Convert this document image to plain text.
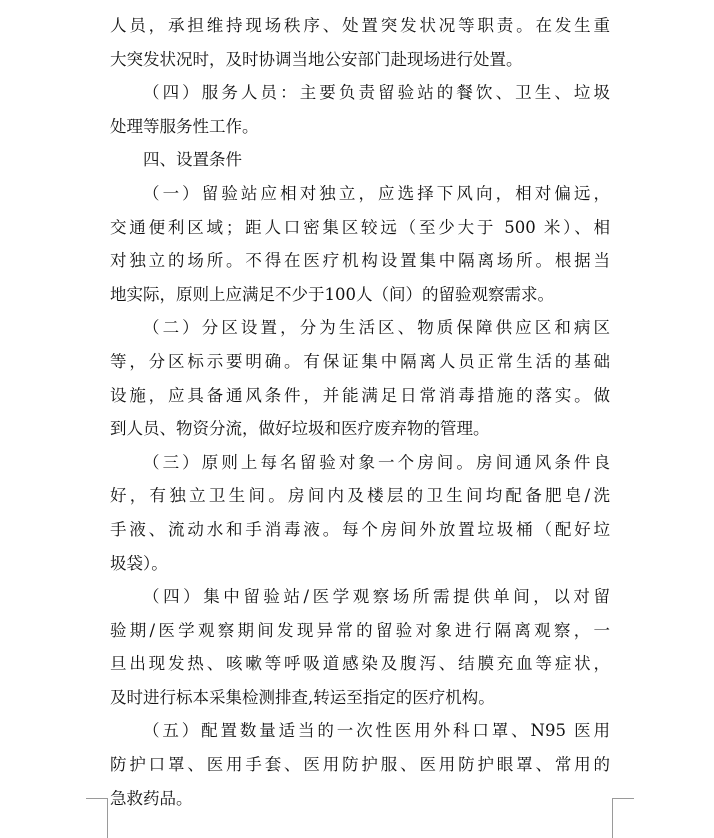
人员，承担维持现场秩序、处置突发状况等职责。在发生重
大突发状况时，及时协调当地公安部门赴现场进行处置。
（四）服务人员：主要负责留验站的餐饮、卫生、垃圾
处理等服务性工作。
四、设置条件
（一）留验站应相对独立，应选择下风向，相对偏远，
交通便利区域；距人口密集区较远（至少大于 500 米）、相
对独立的场所。不得在医疗机构设置集中隔离场所。根据当
地实际，原则上应满足不少于100人（间）的留验观察需求。
（二）分区设置，分为生活区、物质保障供应区和病区
等，分区标示要明确。有保证集中隔离人员正常生活的基础
设施，应具备通风条件，并能满足日常消毒措施的落实。做
到人员、物资分流，做好垃圾和医疗废弃物的管理。
（三）原则上每名留验对象一个房间。房间通风条件良
好，有独立卫生间。房间内及楼层的卫生间均配备肥皂/洗
手液、流动水和手消毒液。每个房间外放置垃圾桶（配好垃
圾袋）。
（四）集中留验站/医学观察场所需提供单间，以对留
验期/医学观察期间发现异常的留验对象进行隔离观察，一
旦出现发热、咳嗽等呼吸道感染及腹泻、结膜充血等症状，
及时进行标本采集检测排查,转运至指定的医疗机构。
（五）配置数量适当的一次性医用外科口罩、N95 医用
防护口罩、医用手套、医用防护服、医用防护眼罩、常用的
急救药品。
